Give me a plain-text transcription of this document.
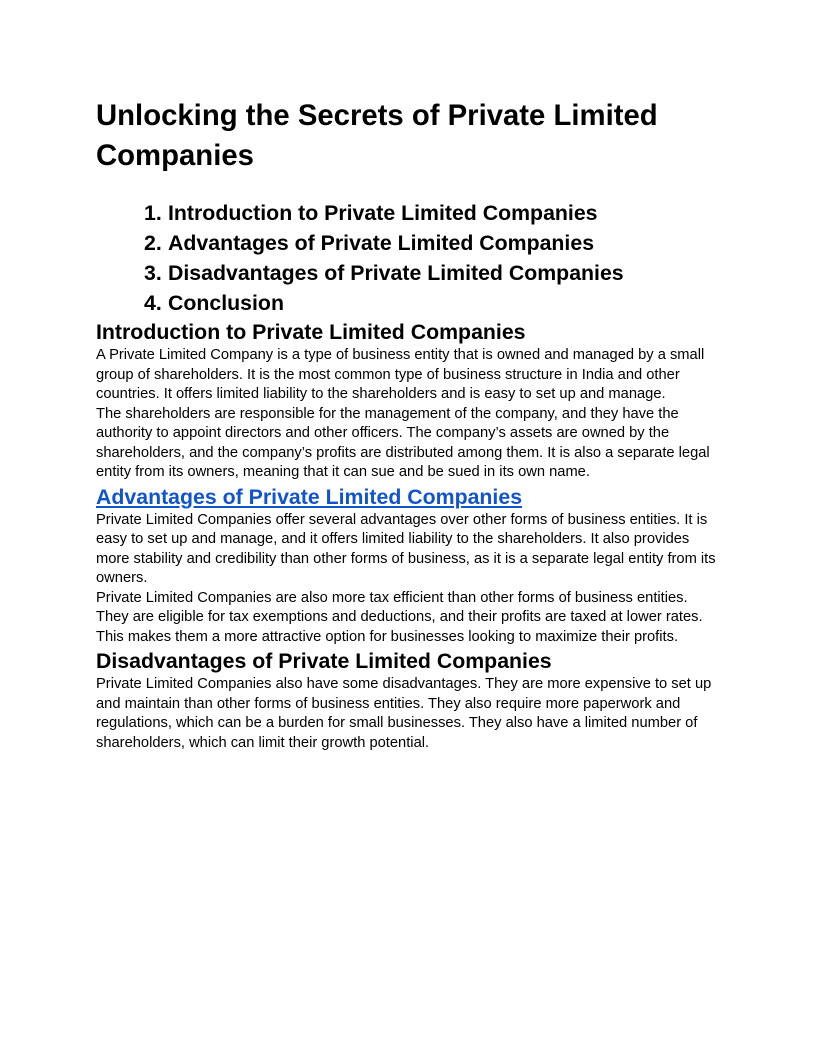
Unlocking the Secrets of Private Limited Companies
1. Introduction to Private Limited Companies
2. Advantages of Private Limited Companies
3. Disadvantages of Private Limited Companies
4. Conclusion
Introduction to Private Limited Companies

A Private Limited Company is a type of business entity that is owned and managed by a small group of shareholders. It is the most common type of business structure in India and other countries. It offers limited liability to the shareholders and is easy to set up and manage.

The shareholders are responsible for the management of the company, and they have the authority to appoint directors and other officers. The company’s assets are owned by the shareholders, and the company’s profits are distributed among them. It is also a separate legal entity from its owners, meaning that it can sue and be sued in its own name.

Advantages of Private Limited Companies

Private Limited Companies offer several advantages over other forms of business entities. It is easy to set up and manage, and it offers limited liability to the shareholders. It also provides more stability and credibility than other forms of business, as it is a separate legal entity from its owners.

Private Limited Companies are also more tax efficient than other forms of business entities. They are eligible for tax exemptions and deductions, and their profits are taxed at lower rates. This makes them a more attractive option for businesses looking to maximize their profits.

Disadvantages of Private Limited Companies

Private Limited Companies also have some disadvantages. They are more expensive to set up and maintain than other forms of business entities. They also require more paperwork and regulations, which can be a burden for small businesses. They also have a limited number of shareholders, which can limit their growth potential.
